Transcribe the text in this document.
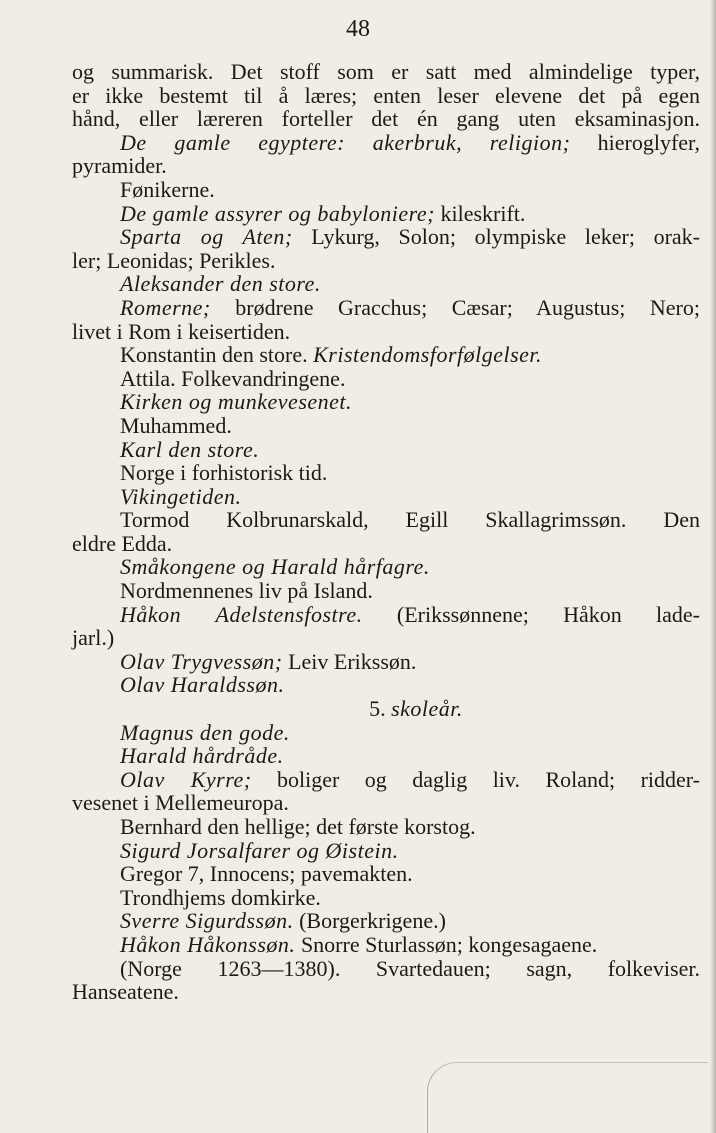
48
og summarisk. Det stoff som er satt med almindelige typer,
er ikke bestemt til å læres; enten leser elevene det på egen
hånd, eller læreren forteller det én gang uten eksaminasjon.
De gamle egyptere: akerbruk, religion; hieroglyfer,
pyramider.
Fønikerne.
De gamle assyrer og babyloniere; kileskrift.
Sparta og Aten; Lykurg, Solon; olympiske leker; orak-
ler; Leonidas; Perikles.
Aleksander den store.
Romerne; brødrene Gracchus; Cæsar; Augustus; Nero;
livet i Rom i keisertiden.
Konstantin den store. Kristendomsforfølgelser.
Attila. Folkevandringene.
Kirken og munkevesenet.
Muhammed.
Karl den store.
Norge i forhistorisk tid.
Vikingetiden.
Tormod Kolbrunarskald, Egill Skallagrimssøn. Den
eldre Edda.
Småkongene og Harald hårfagre.
Nordmennenes liv på Island.
Håkon Adelstensfostre. (Erikssønnene; Håkon lade-
jarl.)
Olav Trygvessøn; Leiv Erikssøn.
Olav Haraldssøn.
5. skoleår.
Magnus den gode.
Harald hårdråde.
Olav Kyrre; boliger og daglig liv. Roland; ridder-
vesenet i Mellemeuropa.
Bernhard den hellige; det første korstog.
Sigurd Jorsalfarer og Øistein.
Gregor 7, Innocens; pavemakten.
Trondhjems domkirke.
Sverre Sigurdssøn. (Borgerkrigene.)
Håkon Håkonssøn. Snorre Sturlassøn; kongesagaene.
(Norge 1263—1380). Svartedauen; sagn, folkeviser.
Hanseatene.
